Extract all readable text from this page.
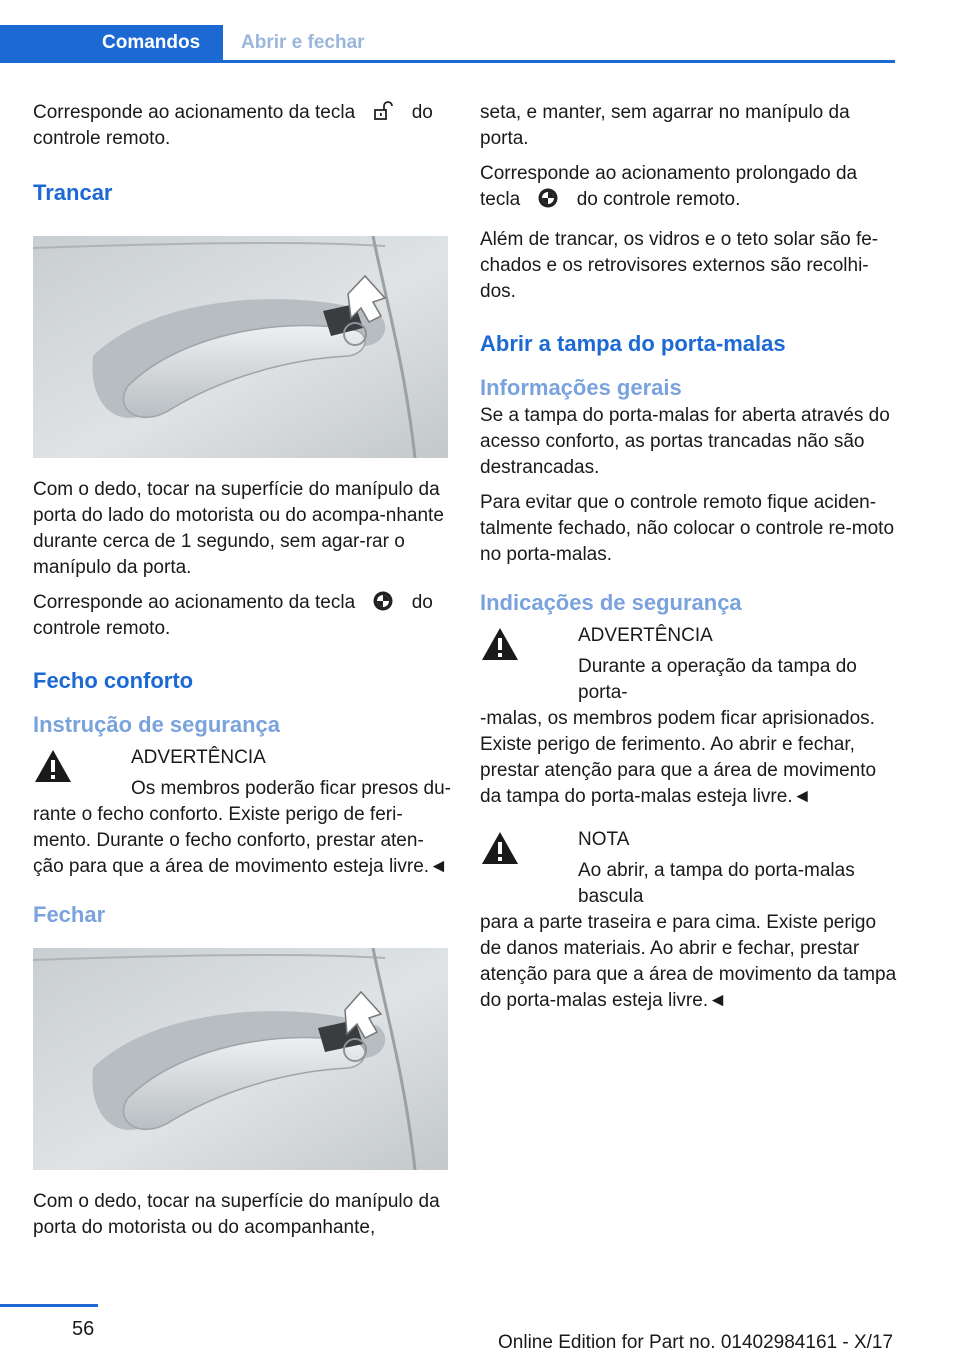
Comandos	Abrir e fechar

Corresponde ao acionamento da tecla	do controle remoto.

Trancar

Com o dedo, tocar na superfície do manípulo da porta do lado do motorista ou do acompa-nhante durante cerca de 1 segundo, sem agar-rar o manípulo da porta.

Corresponde ao acionamento da tecla	do controle remoto.

Fecho conforto
Instrução de segurança

ADVERTÊNCIA

Os membros poderão ficar presos du-

rante o fecho conforto. Existe perigo de feri-mento. Durante o fecho conforto, prestar aten-ção para que a área de movimento esteja livre.◄

Fechar

Com o dedo, tocar na superfície do manípulo da porta do motorista ou do acompanhante,

seta, e manter, sem agarrar no manípulo da porta.

Corresponde ao acionamento prolongado da tecla	do controle remoto.

Além de trancar, os vidros e o teto solar são fe-chados e os retrovisores externos são recolhi-dos.

Abrir a tampa do porta-malas
Informações gerais

Se a tampa do porta-malas for aberta através do acesso conforto, as portas trancadas não são destrancadas.

Para evitar que o controle remoto fique aciden-talmente fechado, não colocar o controle re-moto no porta-malas.

Indicações de segurança

ADVERTÊNCIA

Durante a operação da tampa do porta-

-malas, os membros podem ficar aprisionados. Existe perigo de ferimento. Ao abrir e fechar, prestar atenção para que a área de movimento da tampa do porta-malas esteja livre.◄

NOTA

Ao abrir, a tampa do porta-malas bascula

para a parte traseira e para cima. Existe perigo de danos materiais. Ao abrir e fechar, prestar atenção para que a área de movimento da tampa do porta-malas esteja livre.◄

56
Online Edition for Part no. 01402984161 - X/17
